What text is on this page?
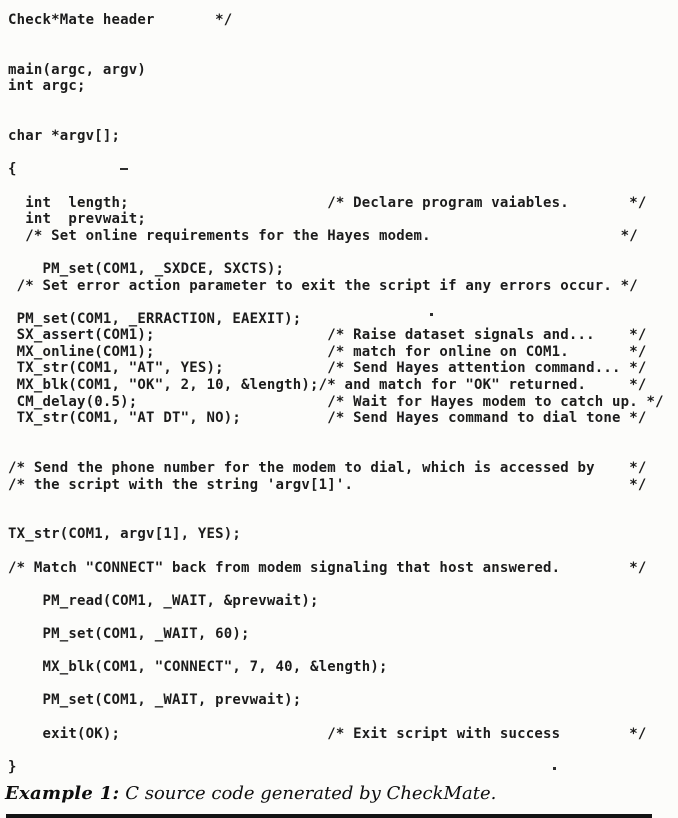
Check*Mate header       */
main(argc, argv)
int argc;
char *argv[];
{
int  length;                       /* Declare program vaiables.       */
int  prevwait;
/* Set online requirements for the Hayes modem.                      */
PM_set(COM1, _SXDCE, SXCTS);
/* Set error action parameter to exit the script if any errors occur. */
PM_set(COM1, _ERRACTION, EAEXIT);
SX_assert(COM1);                    /* Raise dataset signals and...    */
MX_online(COM1);                    /* match for online on COM1.       */
TX_str(COM1, "AT", YES);            /* Send Hayes attention command... */
MX_blk(COM1, "OK", 2, 10, &length);/* and match for "OK" returned.     */
CM_delay(0.5);                      /* Wait for Hayes modem to catch up. */
TX_str(COM1, "AT DT", NO);          /* Send Hayes command to dial tone */
/* Send the phone number for the modem to dial, which is accessed by    */
/* the script with the string 'argv[1]'.                                */
TX_str(COM1, argv[1], YES);
/* Match "CONNECT" back from modem signaling that host answered.        */
PM_read(COM1, _WAIT, &prevwait);
PM_set(COM1, _WAIT, 60);
MX_blk(COM1, "CONNECT", 7, 40, &length);
PM_set(COM1, _WAIT, prevwait);
exit(OK);                        /* Exit script with success        */
}
Example 1: C source code generated by CheckMate.
